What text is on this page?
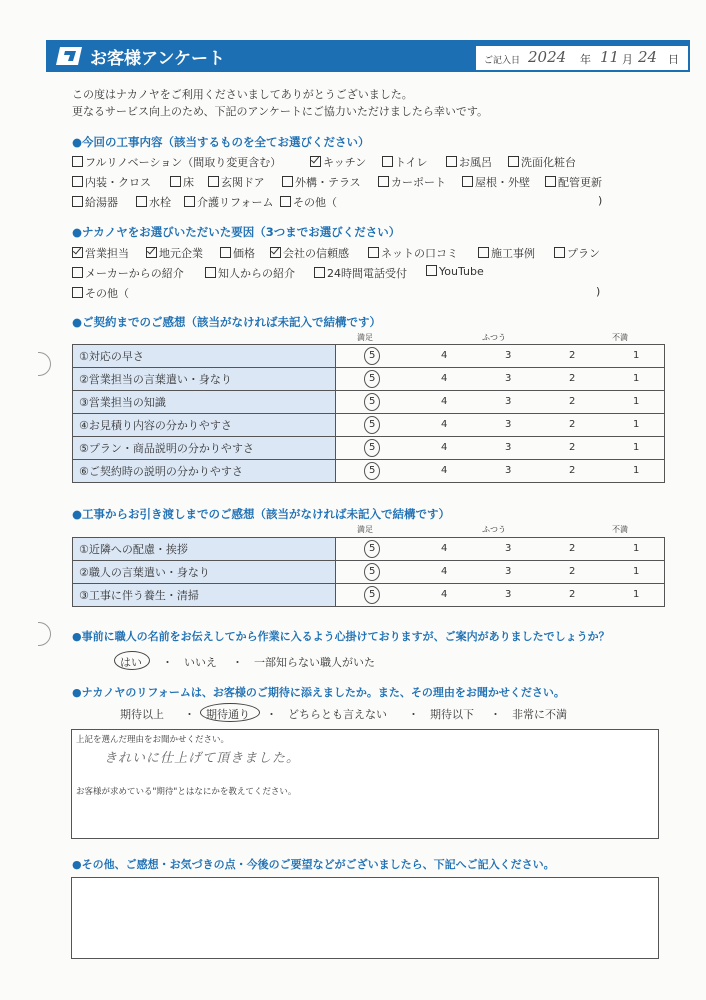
お客様アンケート	ご記入日 2024 年 11 月 24 日
この度はナカノヤをご利用くださいましてありがとうございました。
更なるサービス向上のため、下記のアンケートにご協力いただけましたら幸いです。
●今回の工事内容（該当するものを全てお選びください）
フルリノベーション（間取り変更含む）	キッチン	トイレ	お風呂	洗面化粧台
内装・クロス	床	玄関ドア	外構・テラス	カーポート	屋根・外壁	配管更新
給湯器	水栓	介護リフォーム	その他（	)
●ナカノヤをお選びいただいた要因（3つまでお選びください）
営業担当	地元企業	価格	会社の信頼感	ネットの口コミ	施工事例	プラン
メーカーからの紹介	知人からの紹介	24時間電話受付	YouTube
その他（	)
●ご契約までのご感想（該当がなければ未記入で結構です）
満足	ふつう	不満
①対応の早さ	5 4 3 2 1

②営業担当の言葉遣い・身なり	5 4 3 2 1

③営業担当の知識	5 4 3 2 1

④お見積り内容の分かりやすさ	5 4 3 2 1

⑤プラン・商品説明の分かりやすさ	5 4 3 2 1

⑥ご契約時の説明の分かりやすさ	5 4 3 2 1
●工事からお引き渡しまでのご感想（該当がなければ未記入で結構です）
満足	ふつう	不満
①近隣への配慮・挨拶	5 4 3 2 1

②職人の言葉遣い・身なり	5 4 3 2 1

③工事に伴う養生・清掃	5 4 3 2 1
●事前に職人の名前をお伝えしてから作業に入るよう心掛けておりますが、ご案内がありましたでしょうか？
はい ・ いいえ ・ 一部知らない職人がいた
●ナカノヤのリフォームは、お客様のご期待に添えましたか。また、その理由をお聞かせください。
期待以上 ・ 期待通り ・ どちらとも言えない ・ 期待以下 ・ 非常に不満
上記を選んだ理由をお聞かせください。
きれいに仕上げて頂きました。
お客様が求めている"期待"とはなにかを教えてください。
●その他、ご感想・お気づきの点・今後のご要望などがございましたら、下記へご記入ください。
